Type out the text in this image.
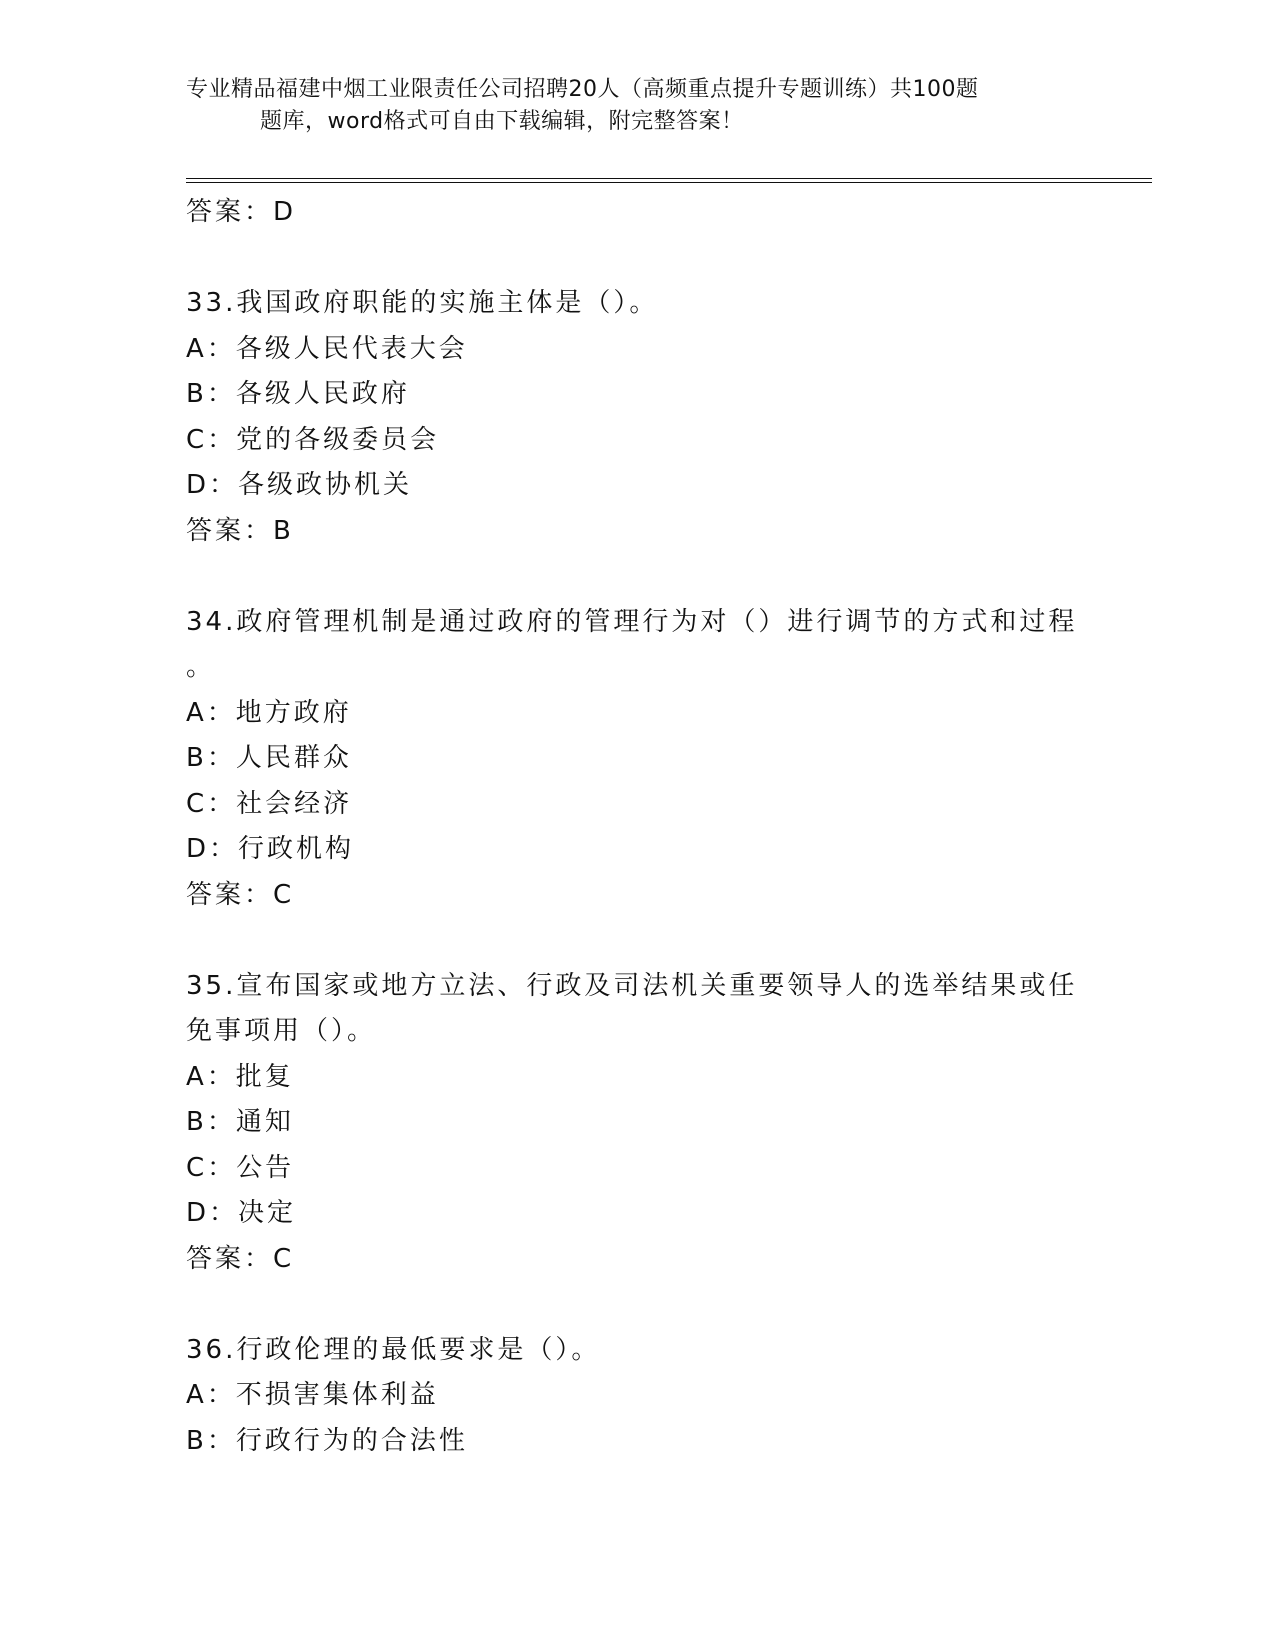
专业精品福建中烟工业限责任公司招聘20人（高频重点提升专题训练）共100题
题库，word格式可自由下载编辑，附完整答案！
答案：D
33.我国政府职能的实施主体是（）。
A：各级人民代表大会
B：各级人民政府
C：党的各级委员会
D：各级政协机关
答案：B
34.政府管理机制是通过政府的管理行为对（）进行调节的方式和过程
。
A：地方政府
B：人民群众
C：社会经济
D：行政机构
答案：C
35.宣布国家或地方立法、行政及司法机关重要领导人的选举结果或任
免事项用（）。
A：批复
B：通知
C：公告
D：决定
答案：C
36.行政伦理的最低要求是（）。
A：不损害集体利益
B：行政行为的合法性
